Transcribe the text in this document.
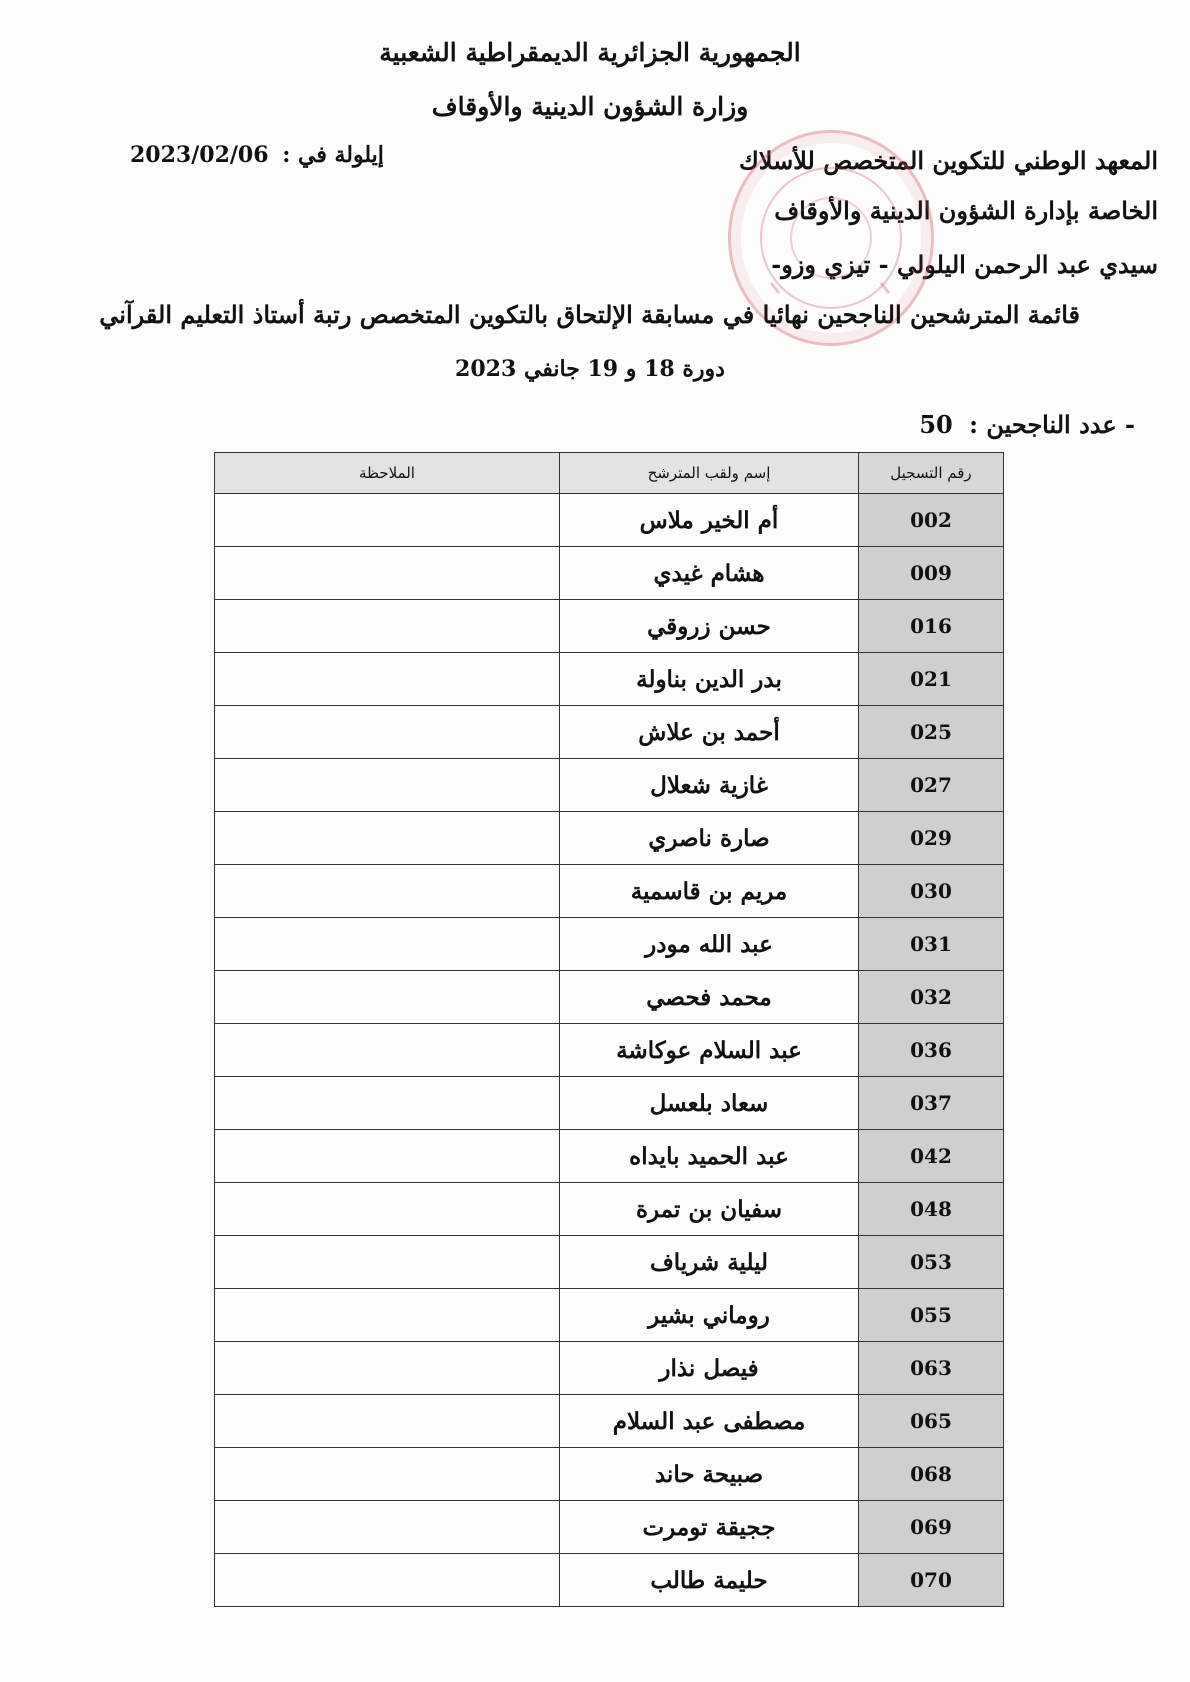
الجمهورية الجزائرية الديمقراطية الشعبية
وزارة الشؤون الدينية والأوقاف
المعهد الوطني للتكوين المتخصص للأسلاك
الخاصة بإدارة الشؤون الدينية والأوقاف
سيدي عبد الرحمن اليلولي - تيزي وزو-
إيلولة في : 2023/02/06
قائمة المترشحين الناجحين نهائيا في مسابقة الإلتحاق بالتكوين المتخصص رتبة أستاذ التعليم القرآني
دورة 18 و 19 جانفي 2023
- عدد الناجحين : 50
رقم التسجيل	إسم ولقب المترشح	الملاحظة
002	أم الخير ملاس	
009	هشام غيدي	
016	حسن زروقي	
021	بدر الدين بناولة	
025	أحمد بن علاش	
027	غازية شعلال	
029	صارة ناصري	
030	مريم بن قاسمية	
031	عبد الله مودر	
032	محمد فحصي	
036	عبد السلام عوكاشة	
037	سعاد بلعسل	
042	عبد الحميد بايداه	
048	سفيان بن تمرة	
053	ليلية شرياف	
055	روماني بشير	
063	فيصل نذار	
065	مصطفى عبد السلام	
068	صبيحة حاند	
069	ججيقة تومرت	
070	حليمة طالب	
